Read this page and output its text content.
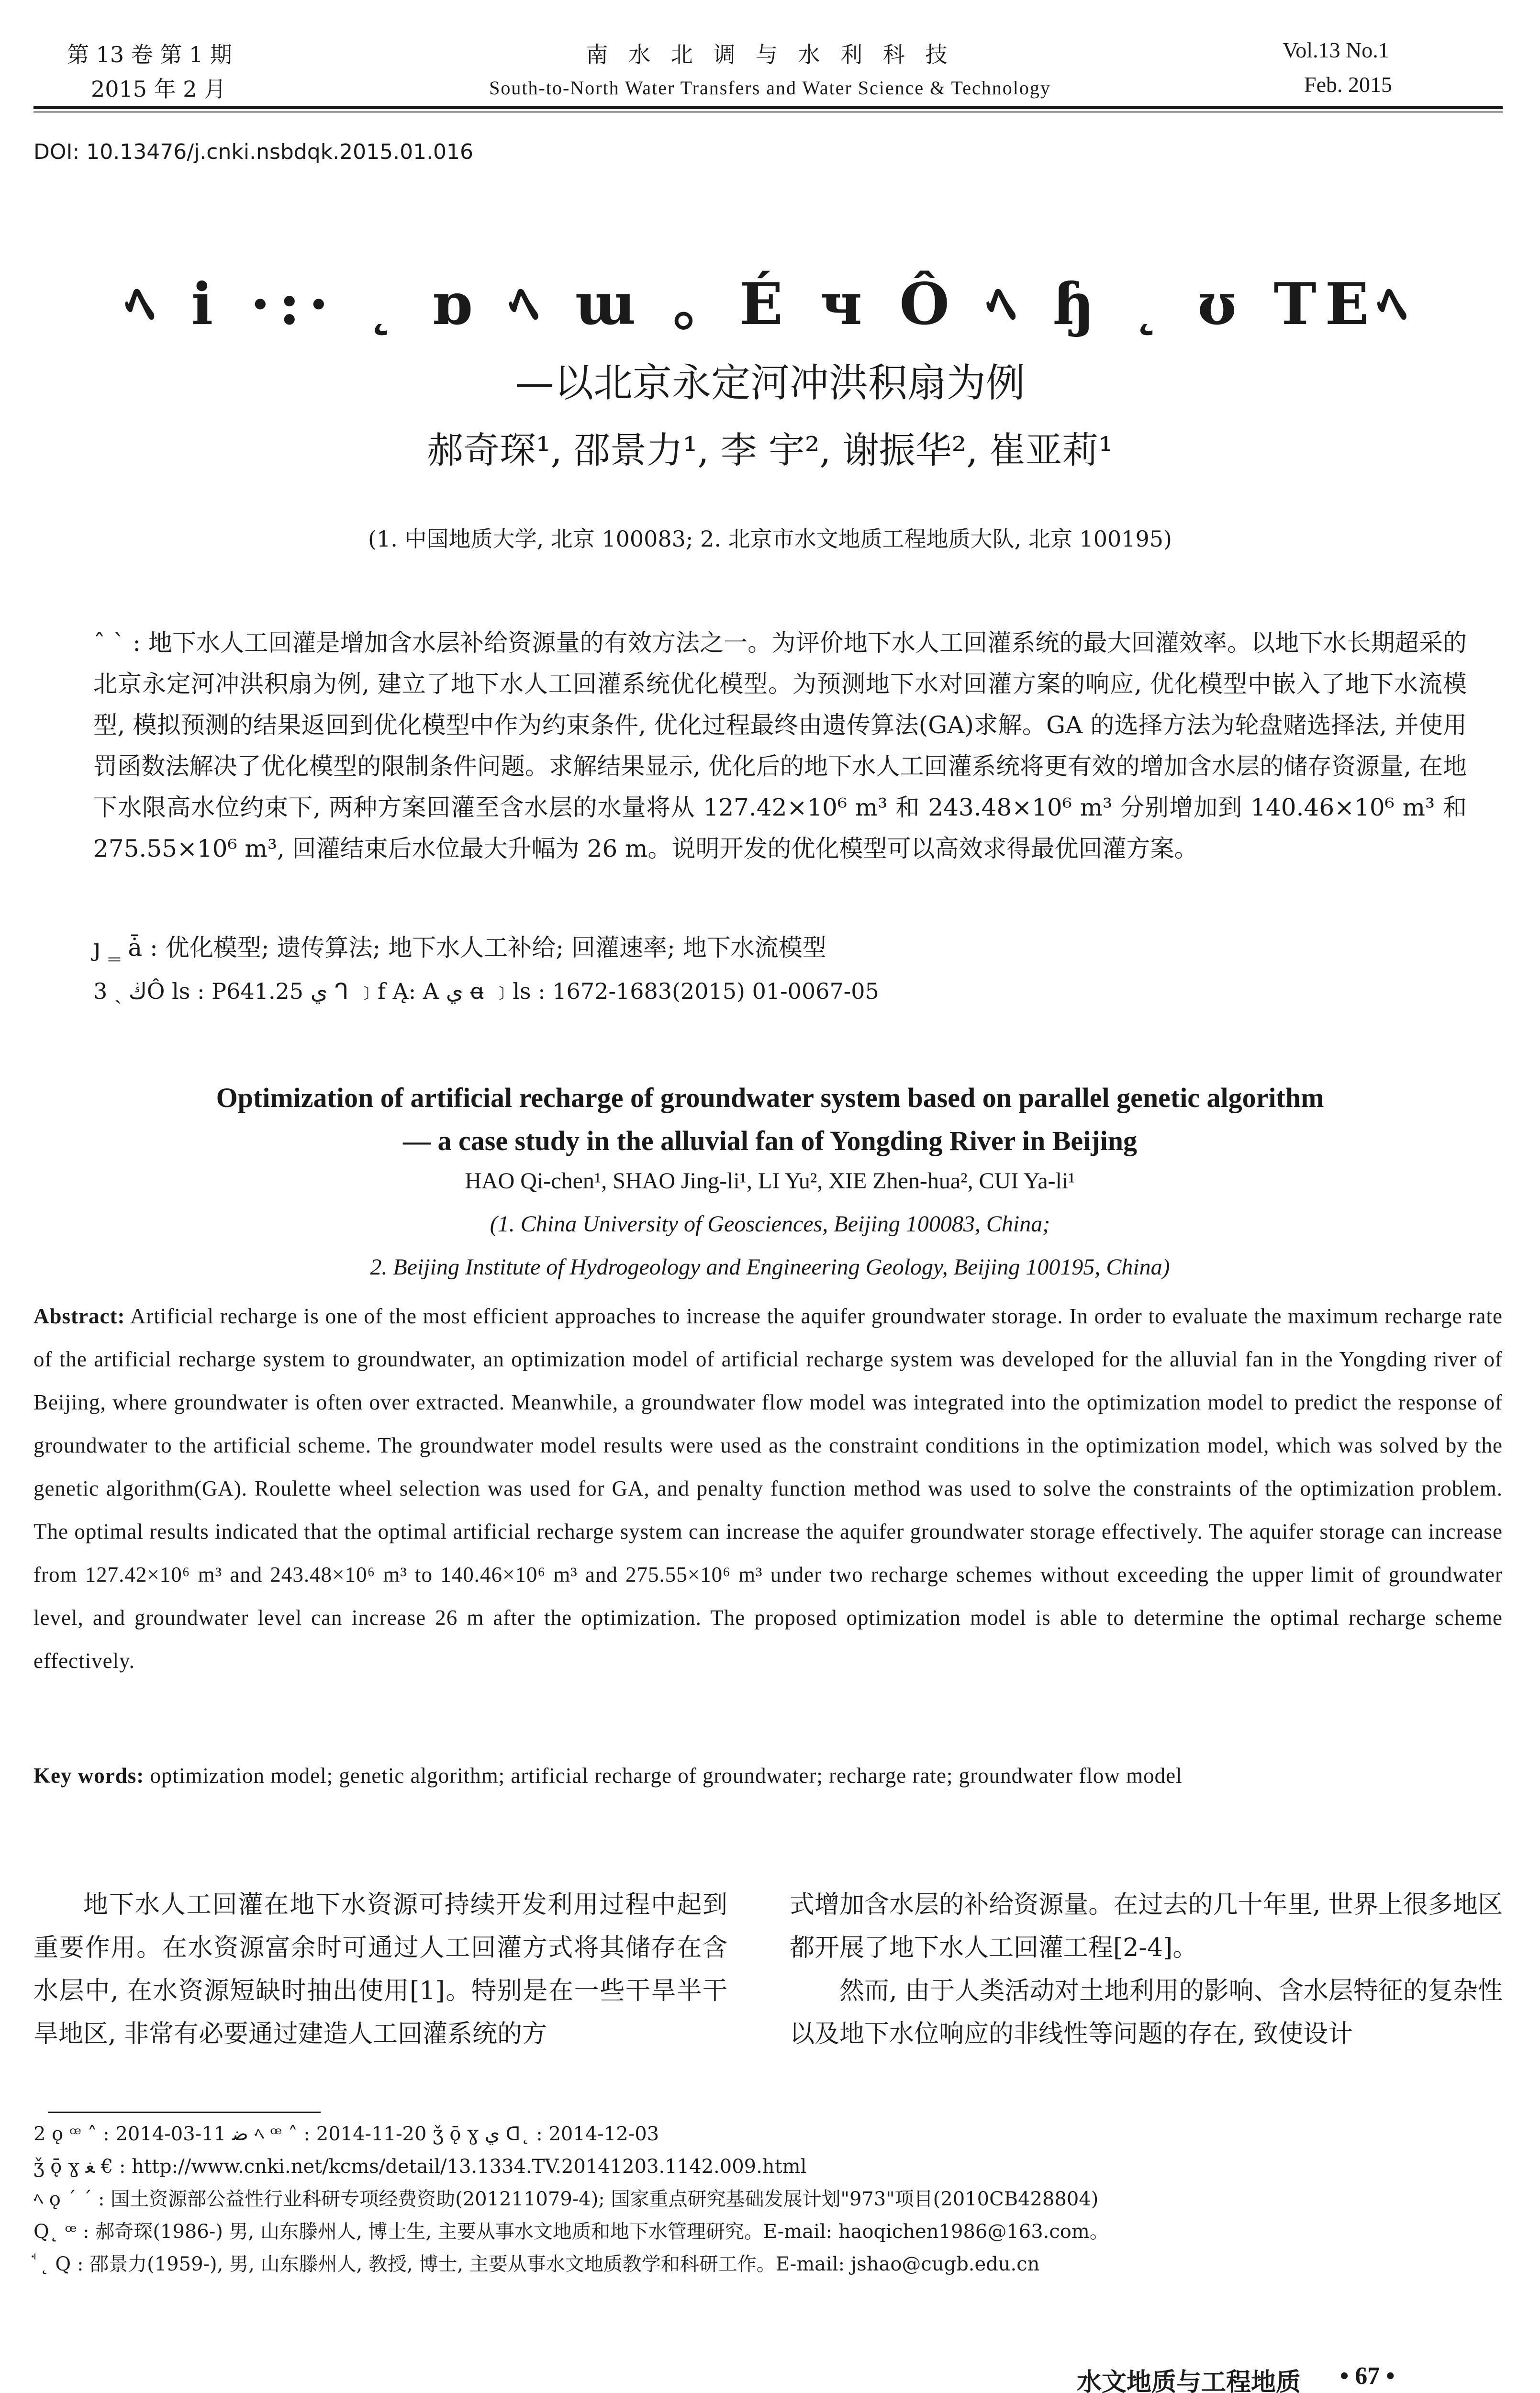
第 13 卷 第 1 期
2015 年 2 月
南 水 北 调 与 水 利 科 技
South-to-North Water Transfers and Water Science & Technology
Vol.13 No.1
Feb. 2015
DOI: 10.13476/j.cnki.nsbdqk.2015.01.016
ﾍ i ·:· ˛ ɒ ﾍ ɯ 。É ч Ô ﾍ ɧ ˛ ʊ TEﾍ
—以北京永定河冲洪积扇为例
郝奇琛¹, 邵景力¹, 李 宇², 谢振华², 崔亚莉¹
(1. 中国地质大学, 北京 100083; 2. 北京市水文地质工程地质大队, 北京 100195)
ˆ ˋ : 地下水人工回灌是增加含水层补给资源量的有效方法之一。为评价地下水人工回灌系统的最大回灌效率。以地下水长期超采的北京永定河冲洪积扇为例, 建立了地下水人工回灌系统优化模型。为预测地下水对回灌方案的响应, 优化模型中嵌入了地下水流模型, 模拟预测的结果返回到优化模型中作为约束条件, 优化过程最终由遗传算法(GA)求解。GA 的选择方法为轮盘赌选择法, 并使用罚函数法解决了优化模型的限制条件问题。求解结果显示, 优化后的地下水人工回灌系统将更有效的增加含水层的储存资源量, 在地下水限高水位约束下, 两种方案回灌至含水层的水量将从 127.42×10⁶ m³ 和 243.48×10⁶ m³ 分别增加到 140.46×10⁶ m³ 和 275.55×10⁶ m³, 回灌结束后水位最大升幅为 26 m。说明开发的优化模型可以高效求得最优回灌方案。
ȷ ‗ ǡ : 优化模型; 遗传算法; 地下水人工补给; 回灌速率; 地下水流模型
3 ˎ ڬÔ ls : P641.25 ي ᒉ ﹞f Ą: A ي ꬰ ﹞ls : 1672-1683(2015) 01-0067-05
Optimization of artificial recharge of groundwater system based on parallel genetic algorithm
— a case study in the alluvial fan of Yongding River in Beijing
HAO Qi-chen¹, SHAO Jing-li¹, LI Yu², XIE Zhen-hua², CUI Ya-li¹
(1. China University of Geosciences, Beijing 100083, China;
2. Beijing Institute of Hydrogeology and Engineering Geology, Beijing 100195, China)
Abstract: Artificial recharge is one of the most efficient approaches to increase the aquifer groundwater storage. In order to evaluate the maximum recharge rate of the artificial recharge system to groundwater, an optimization model of artificial recharge system was developed for the alluvial fan in the Yongding river of Beijing, where groundwater is often over extracted. Meanwhile, a groundwater flow model was integrated into the optimization model to predict the response of groundwater to the artificial scheme. The groundwater model results were used as the constraint conditions in the optimization model, which was solved by the genetic algorithm(GA). Roulette wheel selection was used for GA, and penalty function method was used to solve the constraints of the optimization problem. The optimal results indicated that the optimal artificial recharge system can increase the aquifer groundwater storage effectively. The aquifer storage can increase from 127.42×10⁶ m³ and 243.48×10⁶ m³ to 140.46×10⁶ m³ and 275.55×10⁶ m³ under two recharge schemes without exceeding the upper limit of groundwater level, and groundwater level can increase 26 m after the optimization. The proposed optimization model is able to determine the optimal recharge scheme effectively.
Key words: optimization model; genetic algorithm; artificial recharge of groundwater; recharge rate; groundwater flow model

地下水人工回灌在地下水资源可持续开发利用过程中起到重要作用。在水资源富余时可通过人工回灌方式将其储存在含水层中, 在水资源短缺时抽出使用[1]。特别是在一些干旱半干旱地区, 非常有必要通过建造人工回灌系统的方

式增加含水层的补给资源量。在过去的几十年里, 世界上很多地区都开展了地下水人工回灌工程[2-4]。

然而, 由于人类活动对土地利用的影响、含水层特征的复杂性以及地下水位响应的非线性等问题的存在, 致使设计

2 ǫ ꟹ ˄ : 2014-03-11 ﺿ ﾍ ꟹ ˄ : 2014-11-20 ǯ ǭ ɣ ي ᗡ˛ : 2014-12-03
ǯ ǭ ɣ ﻐ € : http://www.cnki.net/kcms/detail/13.1334.TV.20141203.1142.009.html
ﾍ ǫ ˊ ˊ : 国土资源部公益性行业科研专项经费资助(201211079-4); 国家重点研究基础发展计划"973"项目(2010CB428804)
Q˛ ꟹ : 郝奇琛(1986-) 男, 山东滕州人, 博士生, 主要从事水文地质和地下水管理研究。E-mail: haoqichen1986@163.com。
ꜗ ˛ Q : 邵景力(1959-), 男, 山东滕州人, 教授, 博士, 主要从事水文地质教学和科研工作。E-mail: jshao@cugb.edu.cn
水文地质与工程地质 • 67 •
